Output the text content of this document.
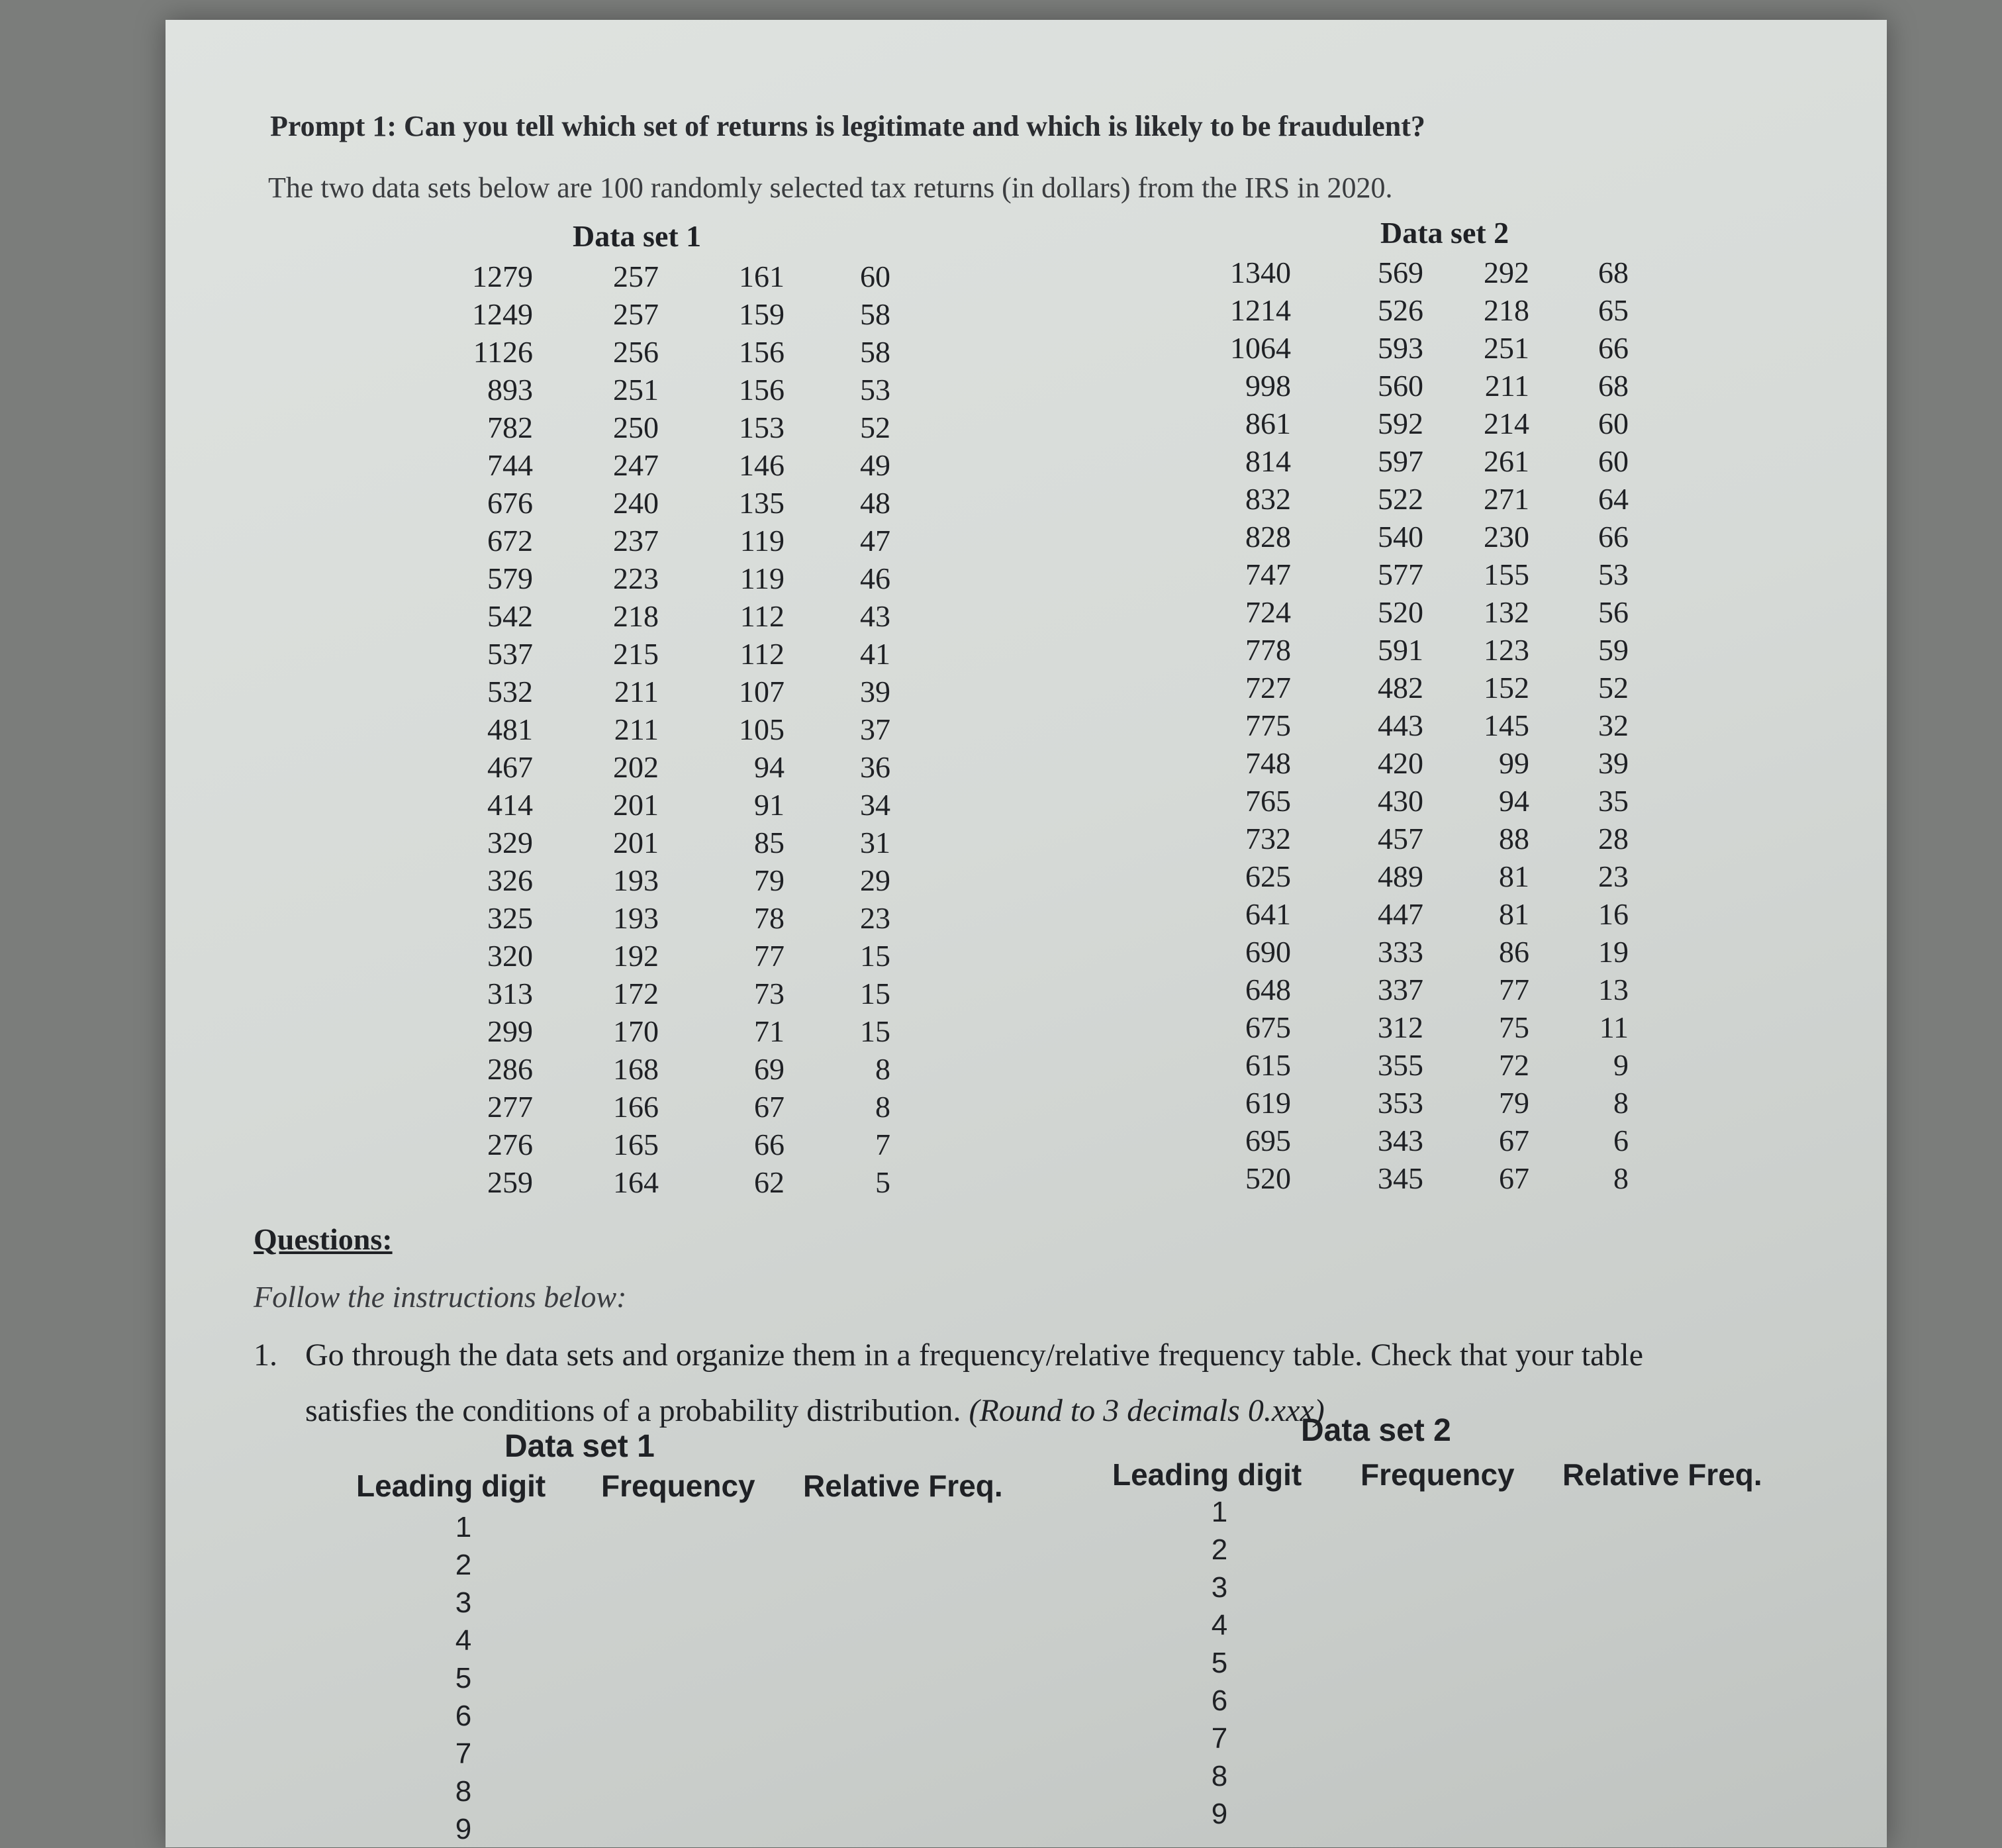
Prompt 1: Can you tell which set of returns is legitimate and which is likely to be fraudulent?
The two data sets below are 100 randomly selected tax returns (in dollars) from the IRS in 2020.
Data set 1
1279	257	161	60
1249	257	159	58
1126	256	156	58
893	251	156	53
782	250	153	52
744	247	146	49
676	240	135	48
672	237	119	47
579	223	119	46
542	218	112	43
537	215	112	41
532	211	107	39
481	211	105	37
467	202	94	36
414	201	91	34
329	201	85	31
326	193	79	29
325	193	78	23
320	192	77	15
313	172	73	15
299	170	71	15
286	168	69	8
277	166	67	8
276	165	66	7
259	164	62	5
Data set 2
1340	569	292	68
1214	526	218	65
1064	593	251	66
998	560	211	68
861	592	214	60
814	597	261	60
832	522	271	64
828	540	230	66
747	577	155	53
724	520	132	56
778	591	123	59
727	482	152	52
775	443	145	32
748	420	99	39
765	430	94	35
732	457	88	28
625	489	81	23
641	447	81	16
690	333	86	19
648	337	77	13
675	312	75	11
615	355	72	9
619	353	79	8
695	343	67	6
520	345	67	8
Questions:
Follow the instructions below:
1. Go through the data sets and organize them in a frequency/relative frequency table. Check that your table
satisfies the conditions of a probability distribution. (Round to 3 decimals 0.xxx)
Data set 1
Leading digit Frequency Relative Freq.
1
2
3
4
5
6
7
8
9
Data set 2
Leading digit Frequency Relative Freq.
1
2
3
4
5
6
7
8
9
